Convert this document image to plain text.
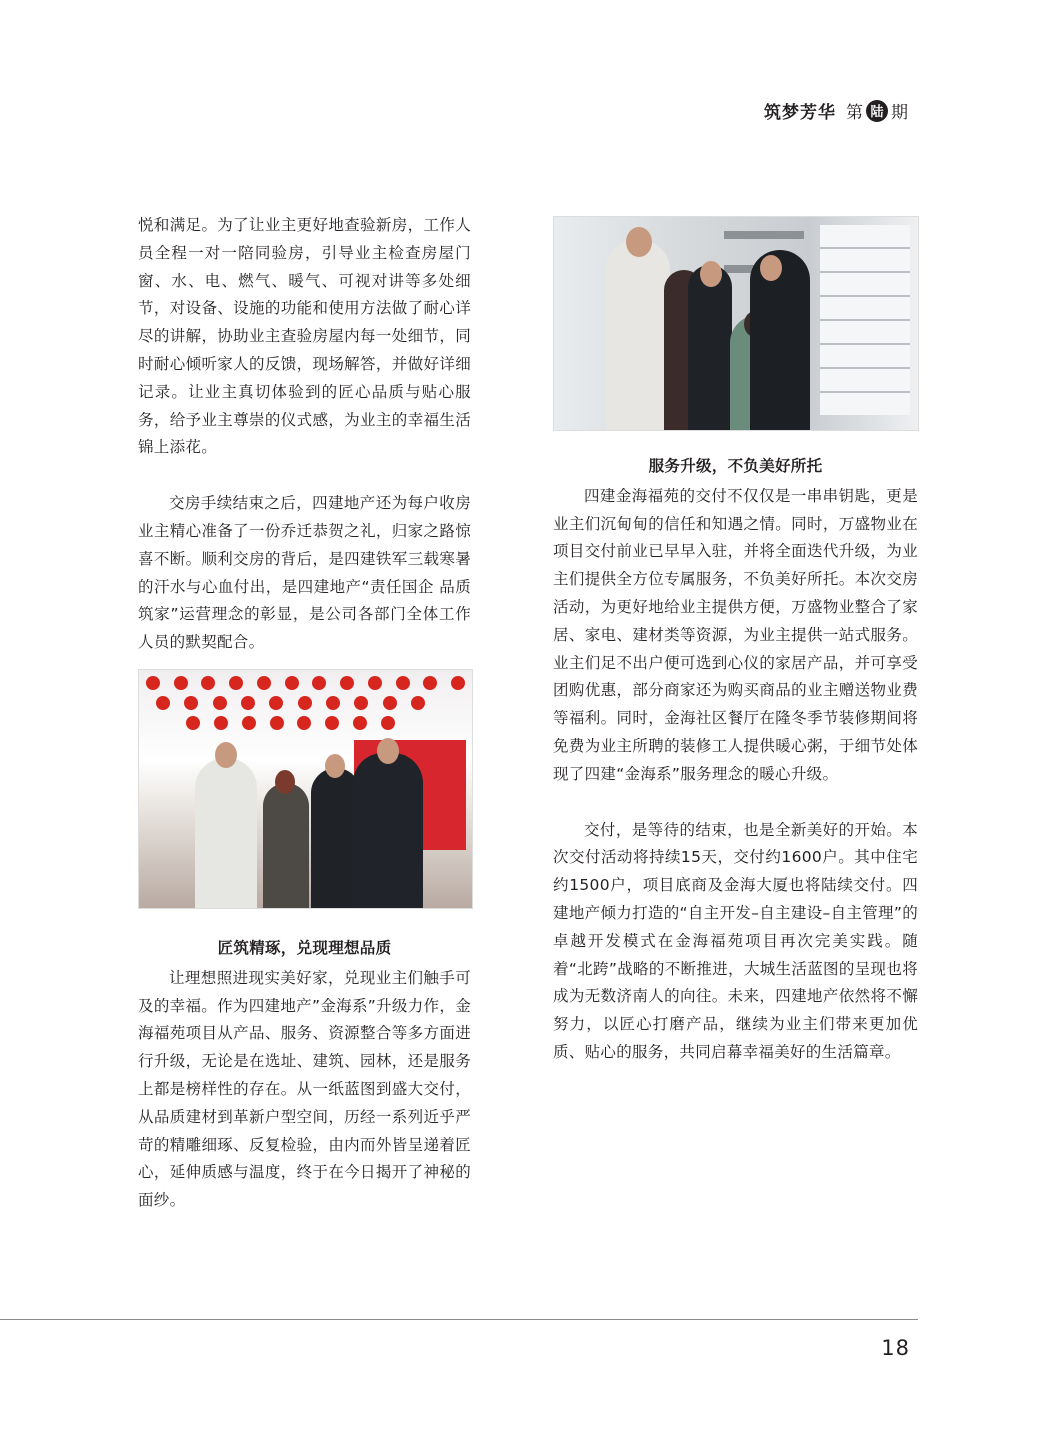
筑梦芳华 第 陆 期

悦和满足。为了让业主更好地查验新房，工作人员全程一对一陪同验房，引导业主检查房屋门窗、水、电、燃气、暖气、可视对讲等多处细节，对设备、设施的功能和使用方法做了耐心详尽的讲解，协助业主查验房屋内每一处细节，同时耐心倾听家人的反馈，现场解答，并做好详细记录。让业主真切体验到的匠心品质与贴心服务，给予业主尊崇的仪式感，为业主的幸福生活锦上添花。

交房手续结束之后，四建地产还为每户收房业主精心准备了一份乔迁恭贺之礼，归家之路惊喜不断。顺利交房的背后，是四建铁军三载寒暑的汗水与心血付出，是四建地产“责任国企 品质筑家”运营理念的彰显，是公司各部门全体工作人员的默契配合。

匠筑精琢，兑现理想品质

让理想照进现实美好家，兑现业主们触手可及的幸福。作为四建地产”金海系”升级力作，金海福苑项目从产品、服务、资源整合等多方面进行升级，无论是在选址、建筑、园林，还是服务上都是榜样性的存在。从一纸蓝图到盛大交付，从品质建材到革新户型空间，历经一系列近乎严苛的精雕细琢、反复检验，由内而外皆呈递着匠心，延伸质感与温度，终于在今日揭开了神秘的面纱。

服务升级，不负美好所托

四建金海福苑的交付不仅仅是一串串钥匙，更是业主们沉甸甸的信任和知遇之情。同时，万盛物业在项目交付前业已早早入驻，并将全面迭代升级，为业主们提供全方位专属服务，不负美好所托。本次交房活动，为更好地给业主提供方便，万盛物业整合了家居、家电、建材类等资源，为业主提供一站式服务。业主们足不出户便可选到心仪的家居产品，并可享受团购优惠，部分商家还为购买商品的业主赠送物业费等福利。同时，金海社区餐厅在隆冬季节装修期间将免费为业主所聘的装修工人提供暖心粥，于细节处体现了四建“金海系”服务理念的暖心升级。

交付，是等待的结束，也是全新美好的开始。本次交付活动将持续15天，交付约1600户。其中住宅约1500户，项目底商及金海大厦也将陆续交付。四建地产倾力打造的“自主开发–自主建设–自主管理”的卓越开发模式在金海福苑项目再次完美实践。随着“北跨”战略的不断推进，大城生活蓝图的呈现也将成为无数济南人的向往。未来，四建地产依然将不懈努力，以匠心打磨产品，继续为业主们带来更加优质、贴心的服务，共同启幕幸福美好的生活篇章。

18
